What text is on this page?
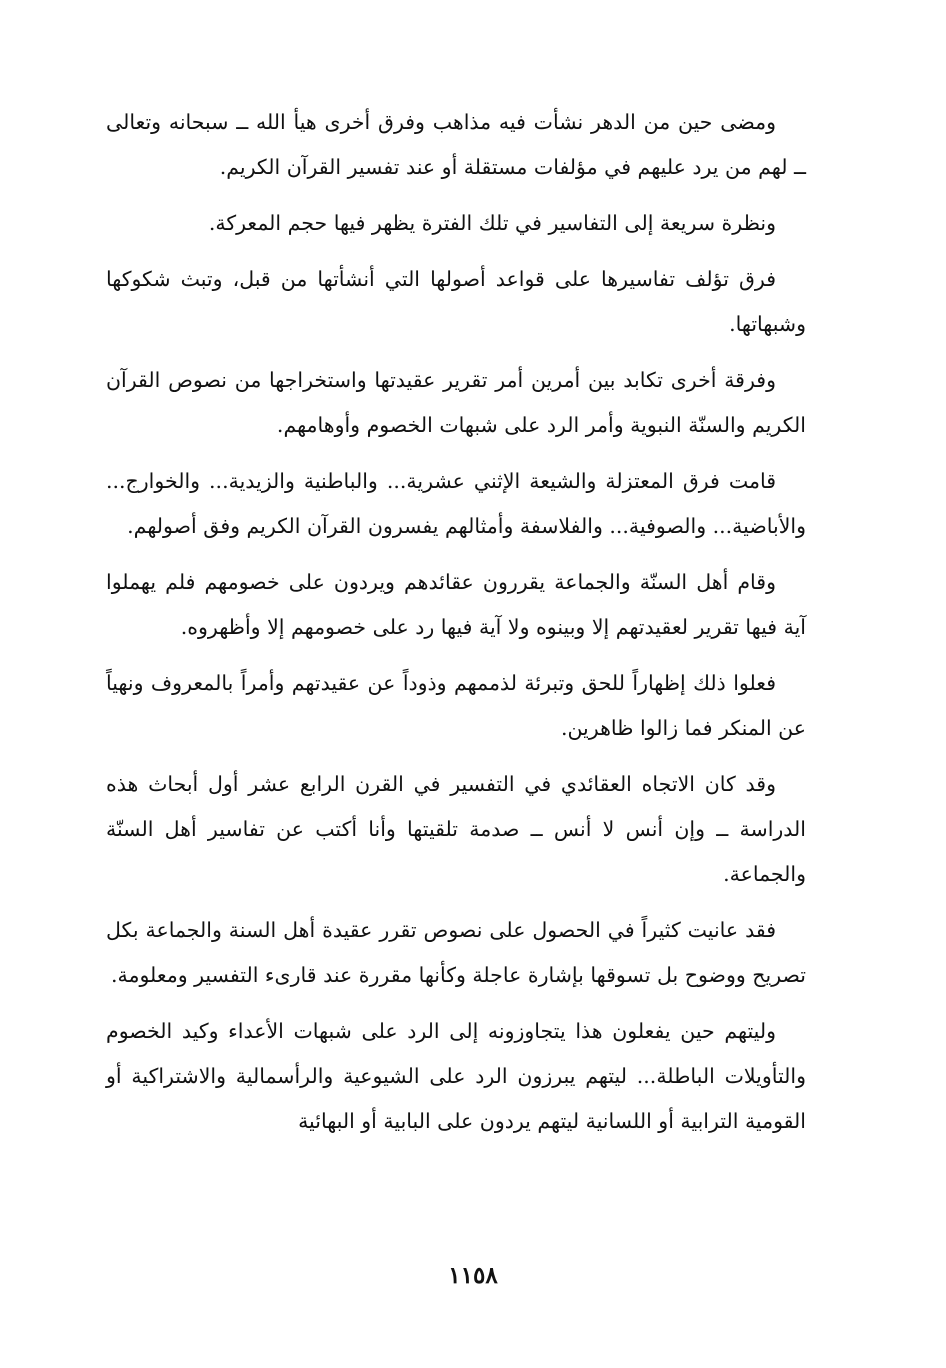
ومضى حين من الدهر نشأت فيه مذاهب وفرق أخرى هيأ الله ــ سبحانه وتعالى ــ لهم من يرد عليهم في مؤلفات مستقلة أو عند تفسير القرآن الكريم.

ونظرة سريعة إلى التفاسير في تلك الفترة يظهر فيها حجم المعركة.

فرق تؤلف تفاسيرها على قواعد أصولها التي أنشأتها من قبل، وتبث شكوكها وشبهاتها.

وفرقة أخرى تكابد بين أمرين أمر تقرير عقيدتها واستخراجها من نصوص القرآن الكريم والسنّة النبوية وأمر الرد على شبهات الخصوم وأوهامهم.

قامت فرق المعتزلة والشيعة الإثني عشرية... والباطنية والزيدية... والخوارج... والأباضية... والصوفية... والفلاسفة وأمثالهم يفسرون القرآن الكريم وفق أصولهم.

وقام أهل السنّة والجماعة يقررون عقائدهم ويردون على خصومهم فلم يهملوا آية فيها تقرير لعقيدتهم إلا وبينوه ولا آية فيها رد على خصومهم إلا وأظهروه.

فعلوا ذلك إظهاراً للحق وتبرئة لذممهم وذوداً عن عقيدتهم وأمراً بالمعروف ونهياً عن المنكر فما زالوا ظاهرين.

وقد كان الاتجاه العقائدي في التفسير في القرن الرابع عشر أول أبحاث هذه الدراسة ــ وإن أنس لا أنس ــ صدمة تلقيتها وأنا أكتب عن تفاسير أهل السنّة والجماعة.

فقد عانيت كثيراً في الحصول على نصوص تقرر عقيدة أهل السنة والجماعة بكل تصريح ووضوح بل تسوقها بإشارة عاجلة وكأنها مقررة عند قارىء التفسير ومعلومة.

وليتهم حين يفعلون هذا يتجاوزونه إلى الرد على شبهات الأعداء وكيد الخصوم والتأويلات الباطلة... ليتهم يبرزون الرد على الشيوعية والرأسمالية والاشتراكية أو القومية الترابية أو اللسانية ليتهم يردون على البابية أو البهائية

١١٥٨
